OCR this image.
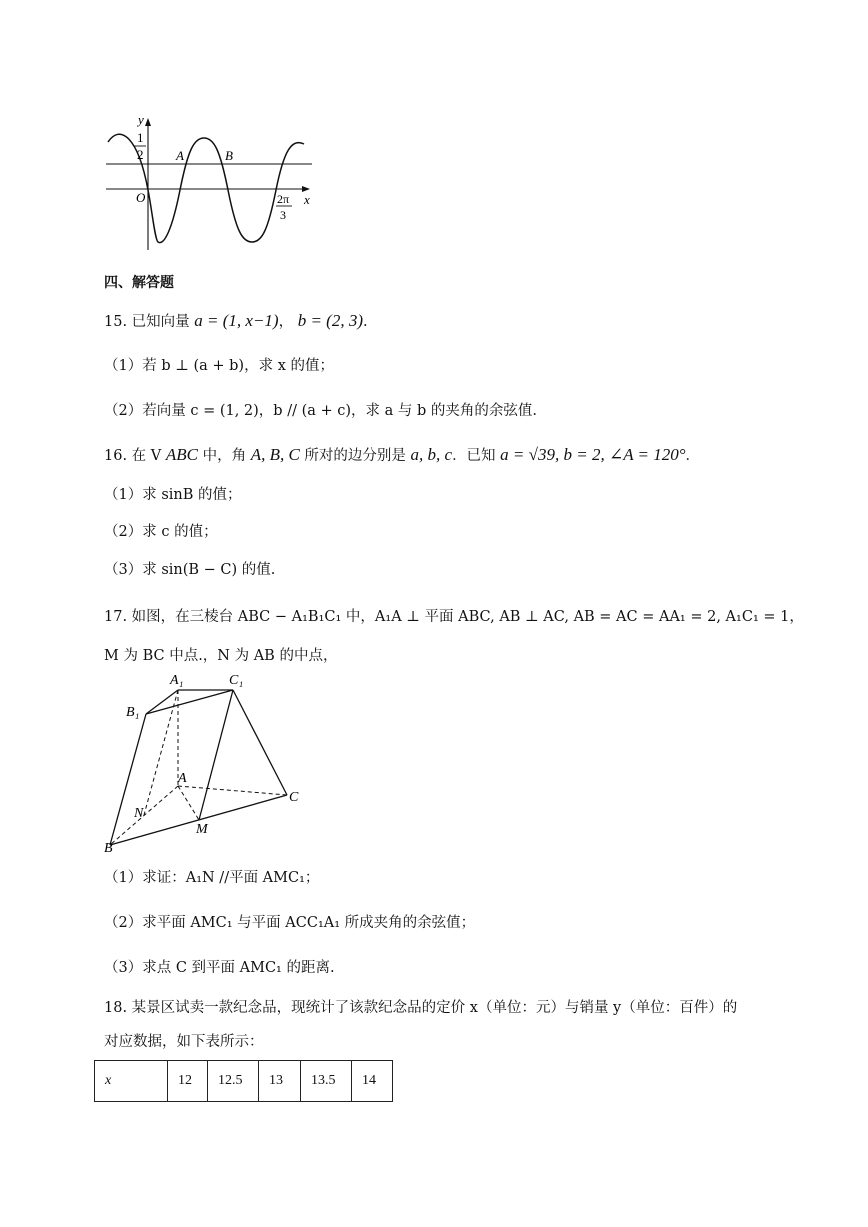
y
x
O
1
2	A	B
2π
3
四、解答题
15. 已知向量 a = (1, x−1)， b = (2, 3).
（1）若 b ⊥ (a + b)，求 x 的值；
（2）若向量 c = (1, 2)，b // (a + c)，求 a 与 b 的夹角的余弦值.
16. 在 V ABC 中，角 A, B, C 所对的边分别是 a, b, c．已知 a = √39, b = 2, ∠A = 120°．
（1）求 sinB 的值；
（2）求 c 的值；
（3）求 sin(B − C) 的值.
17. 如图，在三棱台 ABC − A₁B₁C₁ 中，A₁A ⊥ 平面 ABC, AB ⊥ AC, AB = AC = AA₁ = 2, A₁C₁ = 1，
M 为 BC 中点.，N 为 AB 的中点，
A₁	C₁
B₁
A
C
N
M
B
（1）求证：A₁N //平面 AMC₁；
（2）求平面 AMC₁ 与平面 ACC₁A₁ 所成夹角的余弦值；
（3）求点 C 到平面 AMC₁ 的距离.
18. 某景区试卖一款纪念品，现统计了该款纪念品的定价 x（单位：元）与销量 y（单位：百件）的
对应数据，如下表所示：
x	12	12.5	13	13.5	14
